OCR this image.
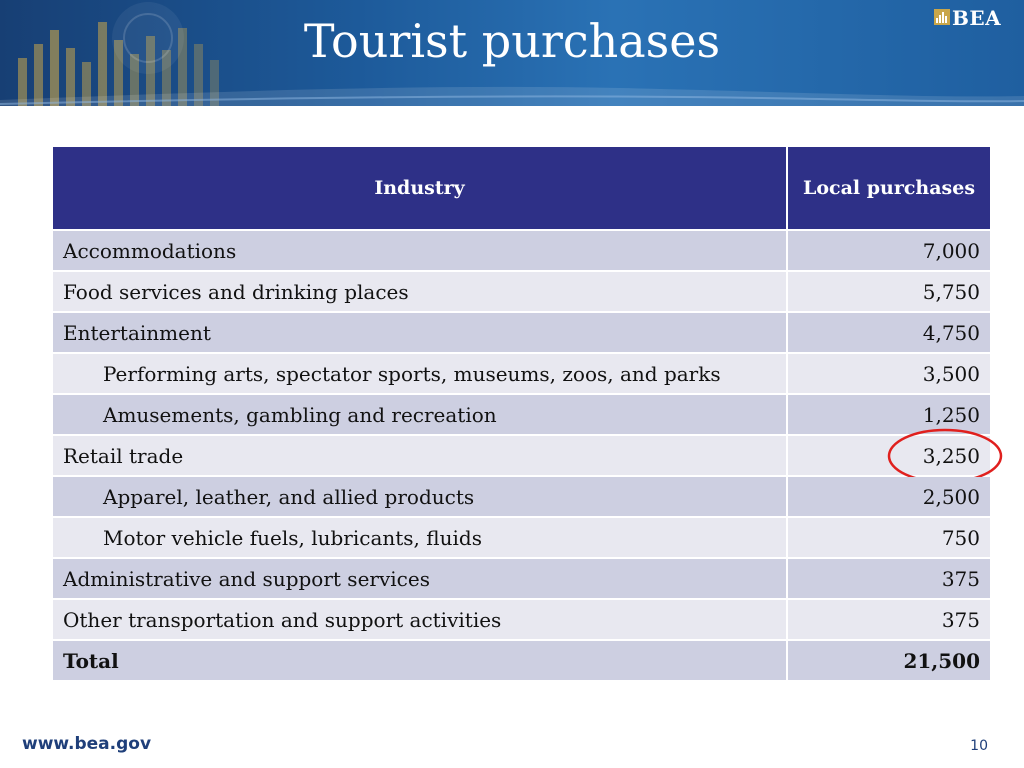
Tourist purchases	BEA
Industry	Local purchases
Accommodations	7,000
Food services and drinking places	5,750
Entertainment	4,750
Performing arts, spectator sports, museums, zoos, and parks	3,500
Amusements, gambling and recreation	1,250
Retail trade	3,250

Apparel, leather, and allied products	2,500
Motor vehicle fuels, lubricants, fluids	750
Administrative and support services	375
Other transportation and support activities	375
Total	21,500
www.bea.gov	10
